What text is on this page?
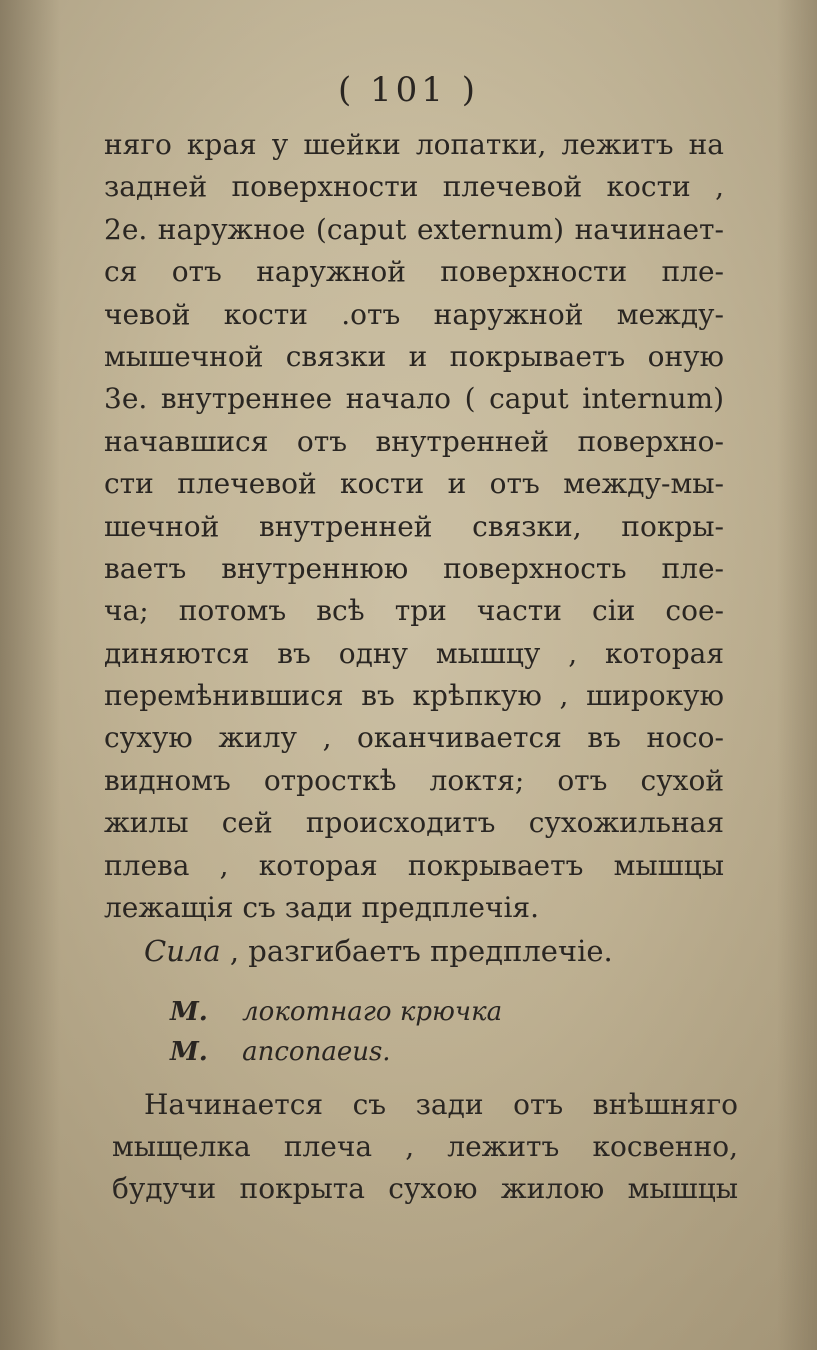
( 101 )
няго края у шейки лопатки, лежитъ на
задней поверхности плечевой кости ,
2е. наружное (caput externum) начинает-
ся отъ наружной поверхности пле-
чевой кости .отъ наружной между-
мышечной связки и покрываетъ оную
3е. внутреннее начало ( caput internum)
начавшися отъ внутренней поверхно-
сти плечевой кости и отъ между-мы-
шечной внутренней связки, покры-
ваетъ внутреннюю поверхность пле-
ча; потомъ всѣ три части сiи сое-
диняются въ одну мышцу , которая
перемѣнившися въ крѣпкую , широкую
сухую жилу , оканчивается въ носо-
видномъ отросткѣ локтя; отъ сухой
жилы сей происходитъ сухожильная
плева , которая покрываетъ мышцы
лежащiя съ зади предплечiя.
Сила , разгибаетъ предплечiе.
М. локотнаго крючка
М. anconaeus.
Начинается съ зади отъ внѣшняго
мыщелка плеча , лежитъ косвенно,
будучи покрыта сухою жилою мышцы
